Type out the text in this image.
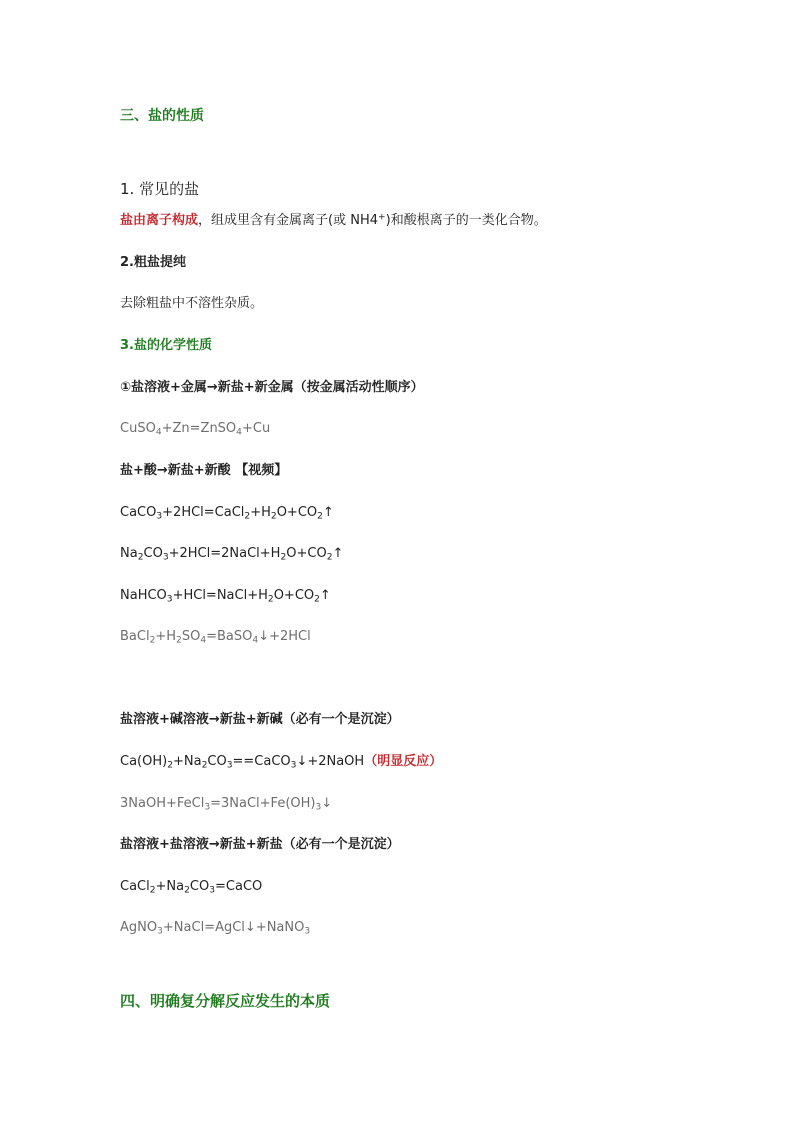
三、盐的性质
1. 常见的盐
盐由离子构成，组成里含有金属离子(或 NH4+)和酸根离子的一类化合物。
2.粗盐提纯
去除粗盐中不溶性杂质。
3.盐的化学性质
①盐溶液+金属→新盐+新金属（按金属活动性顺序）
CuSO$_4$+Zn=ZnSO$_4$+Cu
盐+酸→新盐+新酸 【视频】
$CaCO_3+2HCl=CaCl_2+H_2O+CO_2↑$
$Na_2CO_3+2HCl=2NaCl+H_2O+CO_2↑$
$NaHCO_3+HCl=NaCl+H_2O+CO_2↑$
$BaCl_2+H_2SO_4=BaSO_4↓+2HCl$
盐溶液+碱溶液→新盐+新碱（必有一个是沉淀）
$Ca(OH)_2+Na_2CO_3==CaCO_3↓+2NaOH$（明显反应）
$3NaOH+FeCl_3=3NaCl+Fe(OH)_3↓$
盐溶液+盐溶液→新盐+新盐（必有一个是沉淀）
$CaCl_2+Na_2CO_3=CaCO$
AgNO$_3$+NaCl=AgCl↓+NaNO$_3$
四、明确复分解反应发生的本质
